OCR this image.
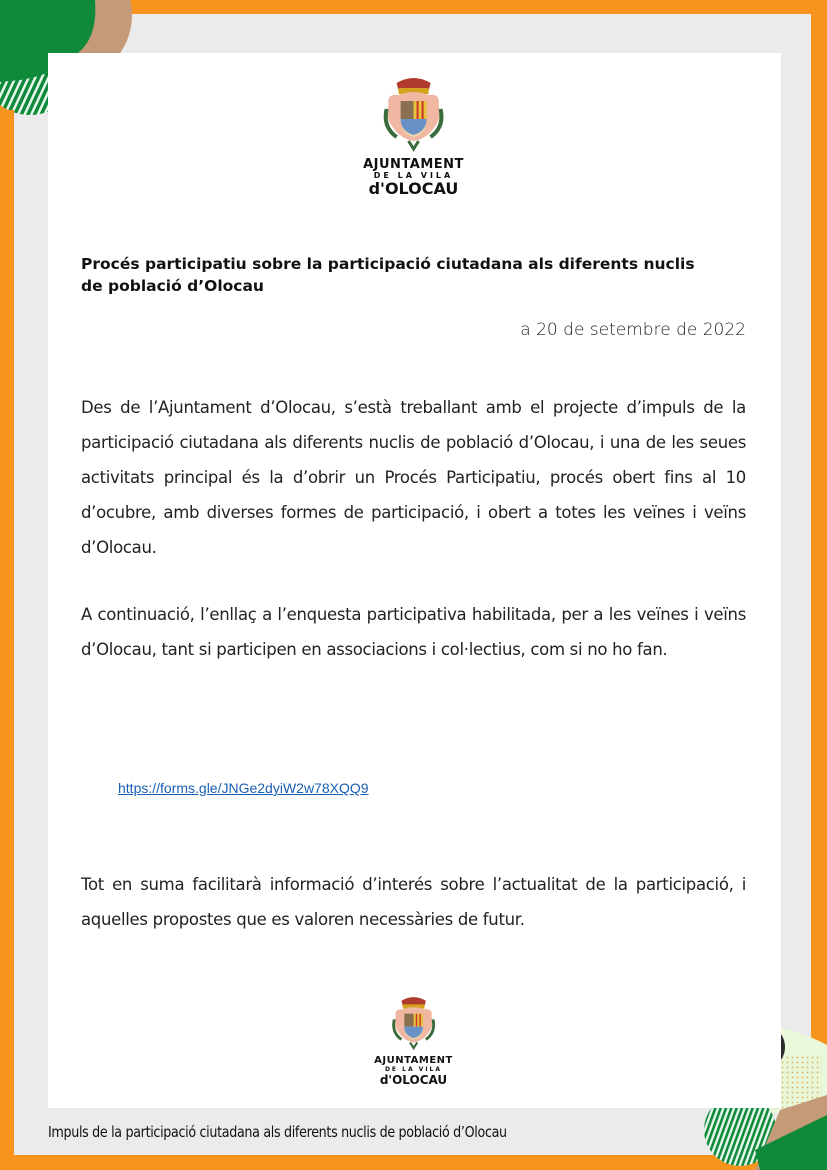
AJUNTAMENT
DE LA VILA
d'OLOCAU
Procés participatiu sobre la participació ciutadana als diferents nuclis de població d’Olocau
a 20 de setembre de 2022
Des de l’Ajuntament d’Olocau, s’està treballant amb el projecte d’impuls de la participació ciutadana als diferents nuclis de població d’Olocau, i una de les seues activitats principal és la d’obrir un Procés Participatiu, procés obert fins al 10 d’ocubre, amb diverses formes de participació, i obert a totes les veïnes i veïns d’Olocau.
A continuació, l’enllaç a l’enquesta participativa habilitada, per a les veïnes i veïns d’Olocau, tant si participen en associacions i col·lectius, com si no ho fan.
https://forms.gle/JNGe2dyiW2w78XQQ9
Tot en suma facilitarà informació d’interés sobre l’actualitat de la participació, i aquelles propostes que es valoren necessàries de futur.
AJUNTAMENT
DE LA VILA
d'OLOCAU
Impuls de la participació ciutadana als diferents nuclis de població d’Olocau
